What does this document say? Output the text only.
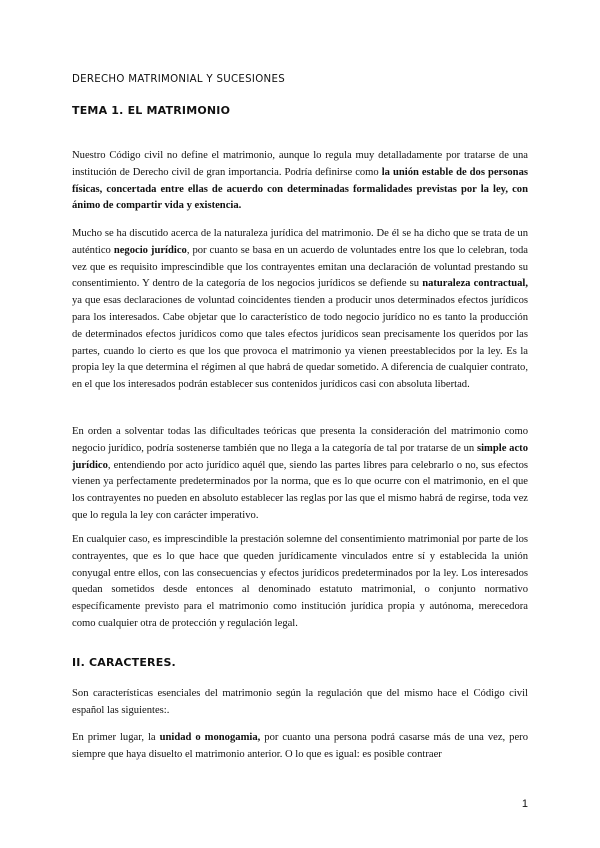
DERECHO MATRIMONIAL Y SUCESIONES
TEMA 1. EL MATRIMONIO

Nuestro Código civil no define el matrimonio, aunque lo regula muy detalladamente por tratarse de una institución de Derecho civil de gran importancia. Podría definirse como la unión estable de dos personas físicas, concertada entre ellas de acuerdo con determinadas formalidades previstas por la ley, con ánimo de compartir vida y existencia.

Mucho se ha discutido acerca de la naturaleza jurídica del matrimonio. De él se ha dicho que se trata de un auténtico negocio jurídico, por cuanto se basa en un acuerdo de voluntades entre los que lo celebran, toda vez que es requisito imprescindible que los contrayentes emitan una declaración de voluntad prestando su consentimiento. Y dentro de la categoría de los negocios jurídicos se defiende su naturaleza contractual, ya que esas declaraciones de voluntad coincidentes tienden a producir unos determinados efectos jurídicos para los interesados. Cabe objetar que lo característico de todo negocio jurídico no es tanto la producción de determinados efectos jurídicos como que tales efectos jurídicos sean precisamente los queridos por las partes, cuando lo cierto es que los que provoca el matrimonio ya vienen preestablecidos por la ley. Es la propia ley la que determina el régimen al que habrá de quedar sometido. A diferencia de cualquier contrato, en el que los interesados podrán establecer sus contenidos jurídicos casi con absoluta libertad.

En orden a solventar todas las dificultades teóricas que presenta la consideración del matrimonio como negocio jurídico, podría sostenerse también que no llega a la categoría de tal por tratarse de un simple acto jurídico, entendiendo por acto jurídico aquél que, siendo las partes libres para celebrarlo o no, sus efectos vienen ya perfectamente predeterminados por la norma, que es lo que ocurre con el matrimonio, en el que los contrayentes no pueden en absoluto establecer las reglas por las que el mismo habrá de regirse, toda vez que lo regula la ley con carácter imperativo.

En cualquier caso, es imprescindible la prestación solemne del consentimiento matrimonial por parte de los contrayentes, que es lo que hace que queden jurídicamente vinculados entre sí y establecida la unión conyugal entre ellos, con las consecuencias y efectos jurídicos predeterminados por la ley. Los interesados quedan sometidos desde entonces al denominado estatuto matrimonial, o conjunto normativo específicamente previsto para el matrimonio como institución jurídica propia y autónoma, merecedora como cualquier otra de protección y regulación legal.

II. CARACTERES.

Son características esenciales del matrimonio según la regulación que del mismo hace el Código civil español las siguientes:.

En primer lugar, la unidad o monogamia, por cuanto una persona podrá casarse más de una vez, pero siempre que haya disuelto el matrimonio anterior. O lo que es igual: es posible contraer

1
